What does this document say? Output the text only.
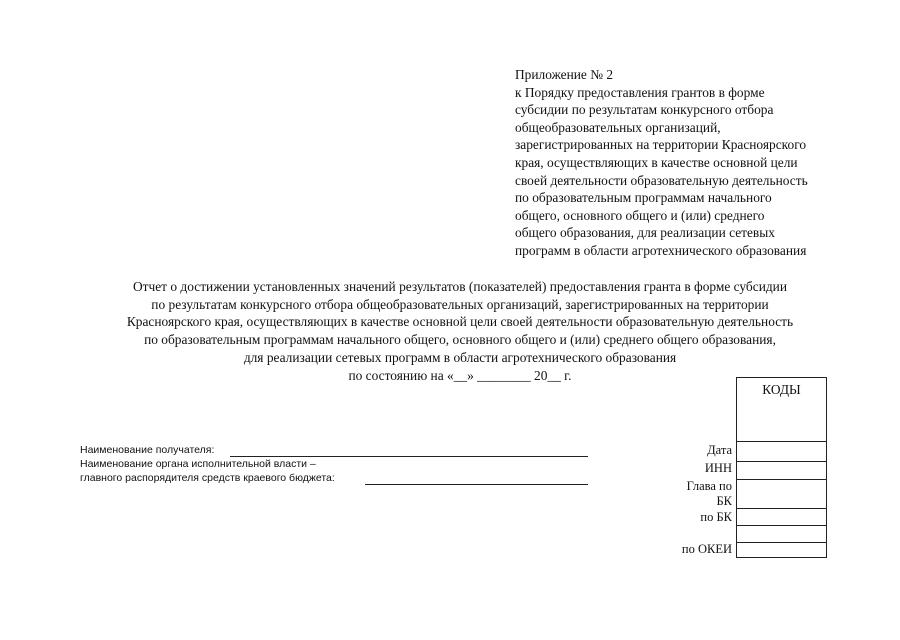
Приложение № 2
к Порядку предоставления грантов в форме
субсидии по результатам конкурсного отбора
общеобразовательных организаций,
зарегистрированных на территории Красноярского
края, осуществляющих в качестве основной цели
своей деятельности образовательную деятельность
по образовательным программам начального
общего, основного общего и (или) среднего
общего образования, для реализации сетевых
программ в области агротехнического образования
Отчет о достижении установленных значений результатов (показателей) предоставления гранта в форме субсидии
по результатам конкурсного отбора общеобразовательных организаций, зарегистрированных на территории
Красноярского края, осуществляющих в качестве основной цели своей деятельности образовательную деятельность
по образовательным программам начального общего, основного общего и (или) среднего общего образования,
для реализации сетевых программ в области агротехнического образования
по состоянию на «__» ________ 20__ г.
КОДЫ
Дата
ИНН
Глава по
БК
по БК
по ОКЕИ
Наименование получателя:
Наименование органа исполнительной власти –
главного распорядителя средств краевого бюджета:
